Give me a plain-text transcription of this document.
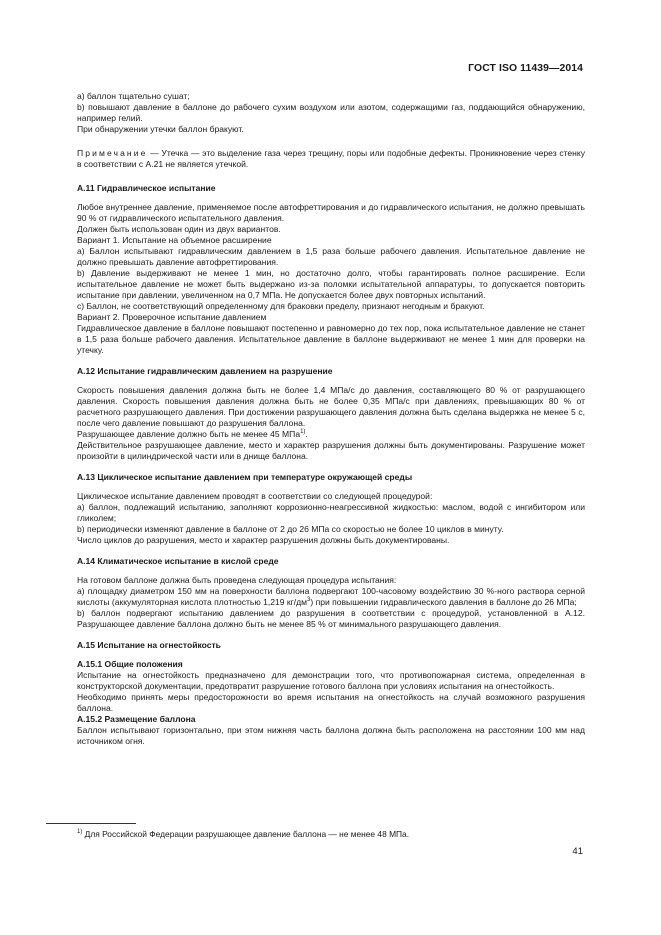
ГОСТ ISO 11439—2014

а) баллон тщательно сушат;

b) повышают давление в баллоне до рабочего сухим воздухом или азотом, содержащими газ, поддающийся обнаружению, например гелий.

При обнаружении утечки баллон бракуют.

Примечание — Утечка — это выделение газа через трещину, поры или подобные дефекты. Проникновение через стенку в соответствии с А.21 не является утечкой.

А.11 Гидравлическое испытание

Любое внутреннее давление, применяемое после автофреттирования и до гидравлического испытания, не должно превышать 90 % от гидравлического испытательного давления.

Должен быть использован один из двух вариантов.

Вариант 1. Испытание на объемное расширение

а) Баллон испытывают гидравлическим давлением в 1,5 раза больше рабочего давления. Испытательное давление не должно превышать давление автофреттирования.

b) Давление выдерживают не менее 1 мин, но достаточно долго, чтобы гарантировать полное расширение. Если испытательное давление не может быть выдержано из-за поломки испытательной аппаратуры, то допускается повторить испытание при давлении, увеличенном на 0,7 МПа. Не допускается более двух повторных испытаний.

с) Баллон, не соответствующий определенному для браковки пределу, признают негодным и бракуют.

Вариант 2. Проверочное испытание давлением

Гидравлическое давление в баллоне повышают постепенно и равномерно до тех пор, пока испытательное давление не станет в 1,5 раза больше рабочего давления. Испытательное давление в баллоне выдерживают не менее 1 мин для проверки на утечку.

А.12 Испытание гидравлическим давлением на разрушение

Скорость повышения давления должна быть не более 1,4 МПа/с до давления, составляющего 80 % от разрушающего давления. Скорость повышения давления должна быть не более 0,35 МПа/с при давлениях, превышающих 80 % от расчетного разрушающего давления. При достижении разрушающего давления должна быть сделана выдержка не менее 5 с, после чего давление повышают до разрушения баллона.

Разрушающее давление должно быть не менее 45 МПа$^{1)}$.

Действительное разрушающее давление, место и характер разрушения должны быть документированы. Разрушение может произойти в цилиндрической части или в днище баллона.

А.13 Циклическое испытание давлением при температуре окружающей среды

Циклическое испытание давлением проводят в соответствии со следующей процедурой:

а) баллон, подлежащий испытанию, заполняют коррозионно-неагрессивной жидкостью: маслом, водой с ингибитором или гликолем;

b) периодически изменяют давление в баллоне от 2 до 26 МПа со скоростью не более 10 циклов в минуту.

Число циклов до разрушения, место и характер разрушения должны быть документированы.

А.14 Климатическое испытание в кислой среде

На готовом баллоне должна быть проведена следующая процедура испытания:

а) площадку диаметром 150 мм на поверхности баллона подвергают 100-часовому воздействию 30 %-ного раствора серной кислоты (аккумуляторная кислота плотностью 1,219 $кг/дм^3$) при повышении гидравлического давления в баллоне до 26 МПа;

b) баллон подвергают испытанию давлением до разрушения в соответствии с процедурой, установленной в А.12. Разрушающее давление баллона должно быть не менее 85 % от минимального разрушающего давления.

А.15 Испытание на огнестойкость

А.15.1 Общие положения

Испытание на огнестойкость предназначено для демонстрации того, что противопожарная система, определенная в конструкторской документации, предотвратит разрушение готового баллона при условиях испытания на огнестойкость.

Необходимо принять меры предосторожности во время испытания на огнестойкость на случай возможного разрушения баллона.

А.15.2 Размещение баллона

Баллон испытывают горизонтально, при этом нижняя часть баллона должна быть расположена на расстоянии 100 мм над источником огня.

$^{1)}$ Для Российской Федерации разрушающее давление баллона — не менее 48 МПа.
41
